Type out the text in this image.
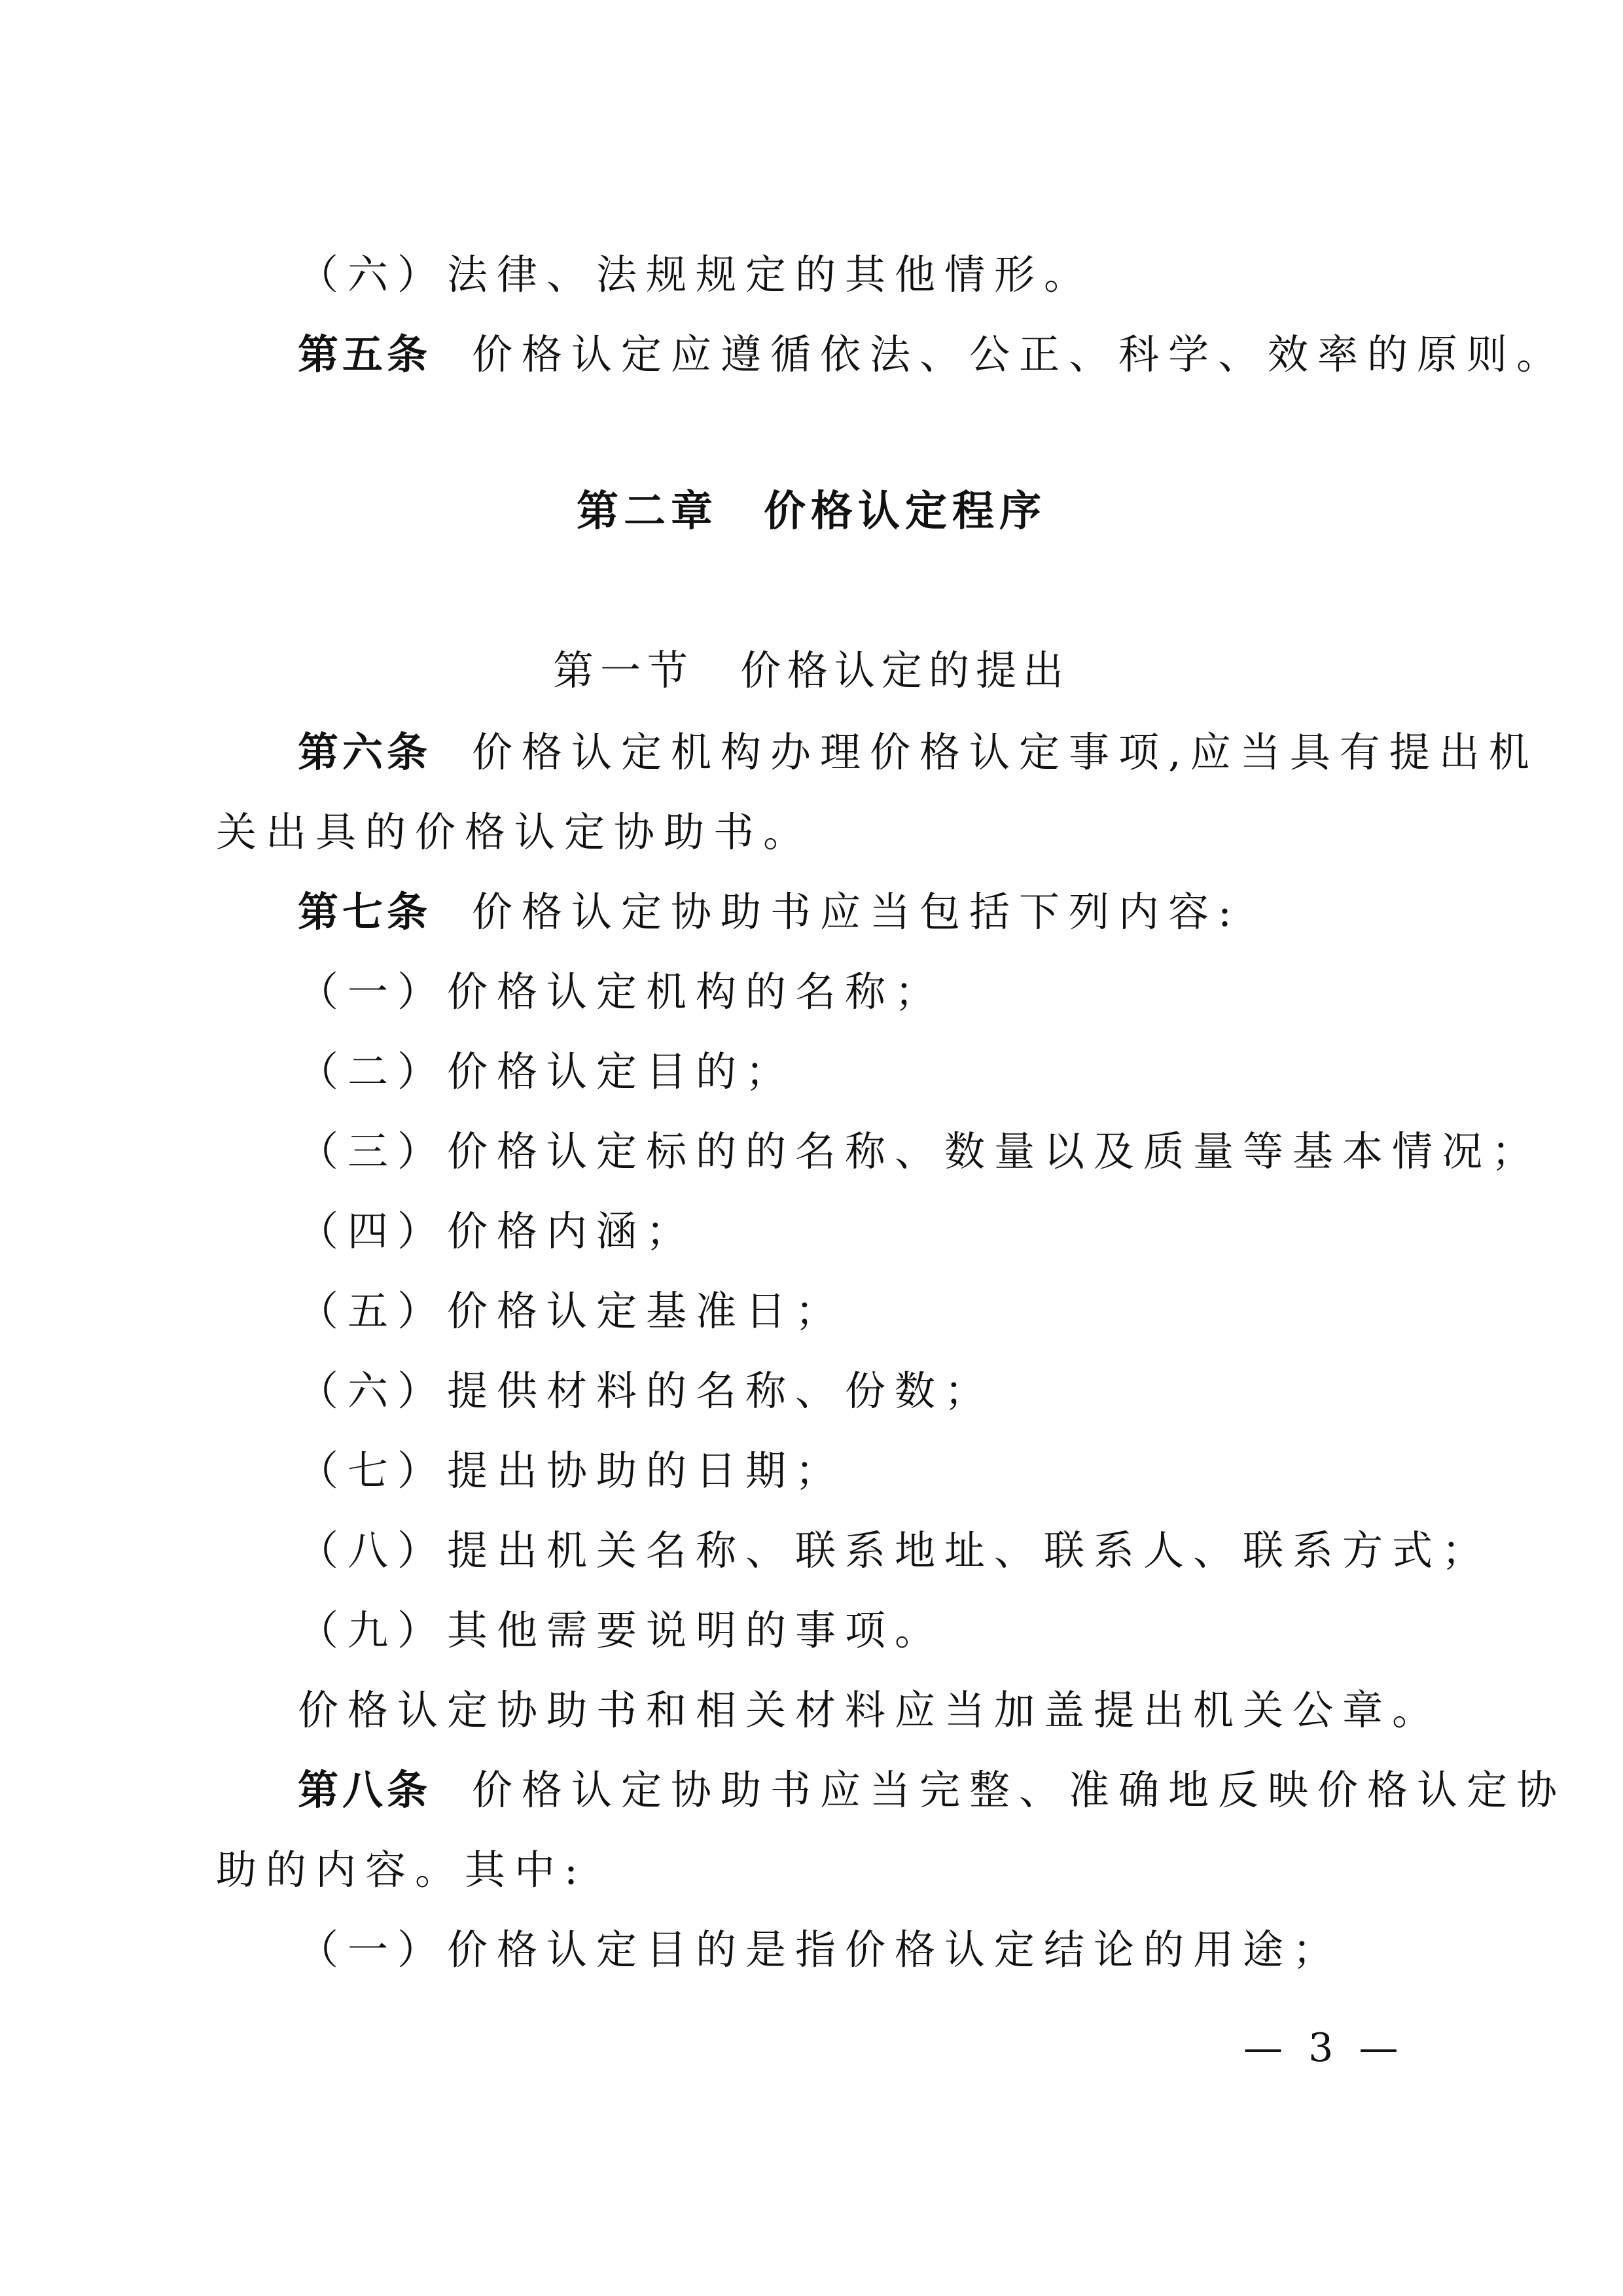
（六）法律、法规规定的其他情形。
第五条 价格认定应遵循依法、公正、科学、效率的原则。
第二章 价格认定程序
第一节 价格认定的提出
第六条 价格认定机构办理价格认定事项,应当具有提出机
关出具的价格认定协助书。
第七条 价格认定协助书应当包括下列内容:
（一）价格认定机构的名称；
（二）价格认定目的；
（三）价格认定标的的名称、数量以及质量等基本情况；
（四）价格内涵；
（五）价格认定基准日；
（六）提供材料的名称、份数；
（七）提出协助的日期；
（八）提出机关名称、联系地址、联系人、联系方式；
（九）其他需要说明的事项。
价格认定协助书和相关材料应当加盖提出机关公章。
第八条 价格认定协助书应当完整、准确地反映价格认定协
助的内容。其中:
（一）价格认定目的是指价格认定结论的用途；
— 3 —
